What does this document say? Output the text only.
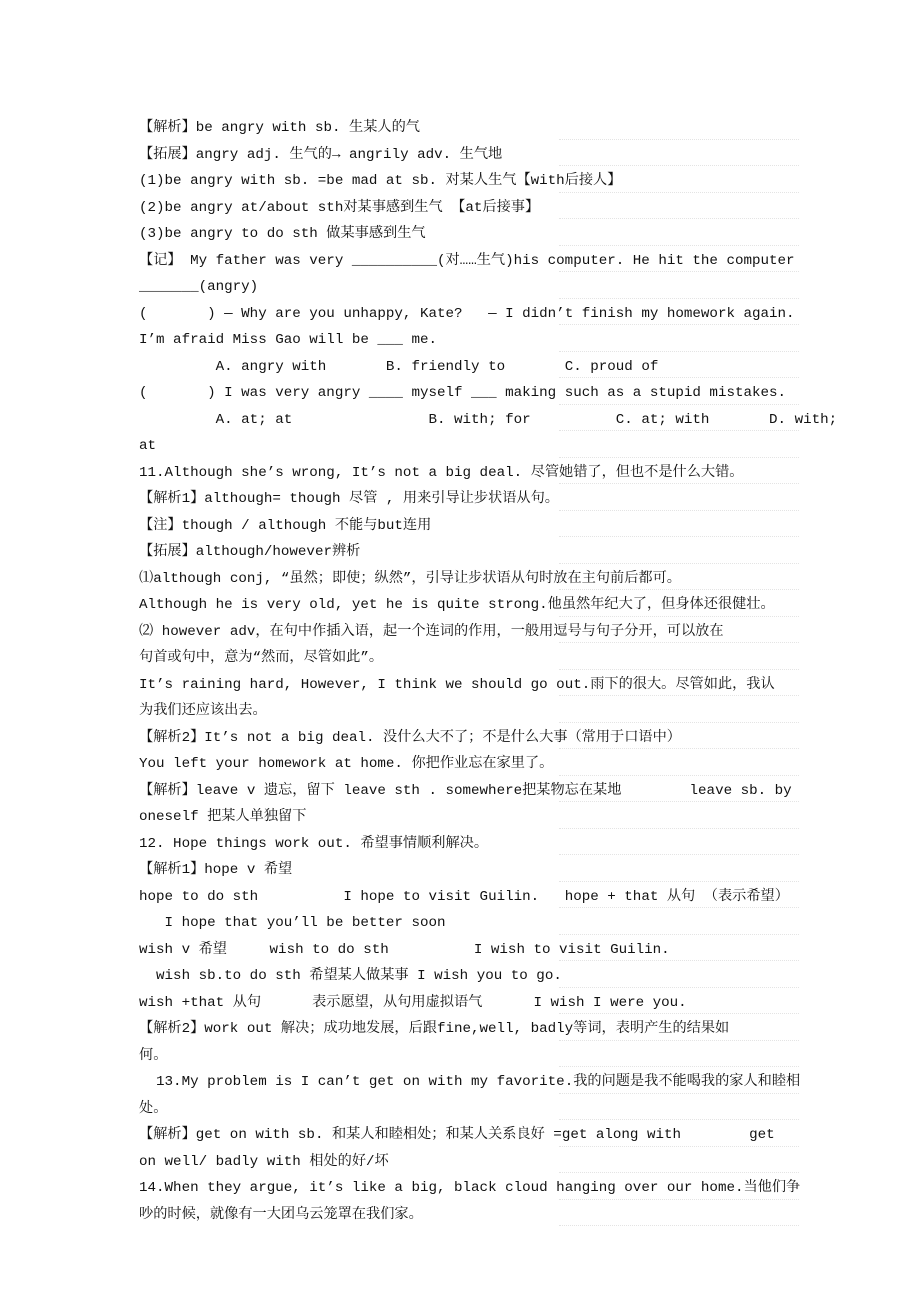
【解析】be angry with sb. 生某人的气
【拓展】angry adj. 生气的→ angrily adv. 生气地
(1)be angry with sb. =be mad at sb. 对某人生气【with后接人】
(2)be angry at/about sth对某事感到生气 【at后接事】
(3)be angry to do sth 做某事感到生气
【记】 My father was very __________(对……生气)his computer. He hit the computer
_______(angry)
(       ) — Why are you unhappy, Kate?   — I didn’t finish my homework again.
I’m afraid Miss Gao will be ___ me.
A. angry with       B. friendly to       C. proud of
(       ) I was very angry ____ myself ___ making such as a stupid mistakes.
A. at; at                B. with; for          C. at; with       D. with;
at
11.Although she’s wrong, It’s not a big deal. 尽管她错了，但也不是什么大错。
【解析1】although= though 尽管 , 用来引导让步状语从句。
【注】though / although 不能与but连用
【拓展】although/however辨析
⑴although conj, “虽然；即使；纵然”，引导让步状语从句时放在主句前后都可。
Although he is very old, yet he is quite strong.他虽然年纪大了，但身体还很健壮。
⑵ however adv，在句中作插入语，起一个连词的作用，一般用逗号与句子分开，可以放在
句首或句中，意为“然而，尽管如此”。
It’s raining hard, However, I think we should go out.雨下的很大。尽管如此，我认
为我们还应该出去。
【解析2】It’s not a big deal. 没什么大不了；不是什么大事（常用于口语中）
You left your homework at home. 你把作业忘在家里了。
【解析】leave v 遗忘，留下 leave sth . somewhere把某物忘在某地        leave sb. by
oneself 把某人单独留下
12. Hope things work out. 希望事情顺利解决。
【解析1】hope v 希望
hope to do sth          I hope to visit Guilin.   hope + that 从句 （表示希望）
I hope that you’ll be better soon
wish v 希望     wish to do sth          I wish to visit Guilin.
wish sb.to do sth 希望某人做某事 I wish you to go.
wish +that 从句      表示愿望，从句用虚拟语气      I wish I were you.
【解析2】work out 解决；成功地发展，后跟fine,well, badly等词，表明产生的结果如
何。
13.My problem is I can’t get on with my favorite.我的问题是我不能喝我的家人和睦相
处。
【解析】get on with sb. 和某人和睦相处；和某人关系良好 =get along with        get
on well/ badly with 相处的好/坏
14.When they argue, it’s like a big, black cloud hanging over our home.当他们争
吵的时候，就像有一大团乌云笼罩在我们家。
